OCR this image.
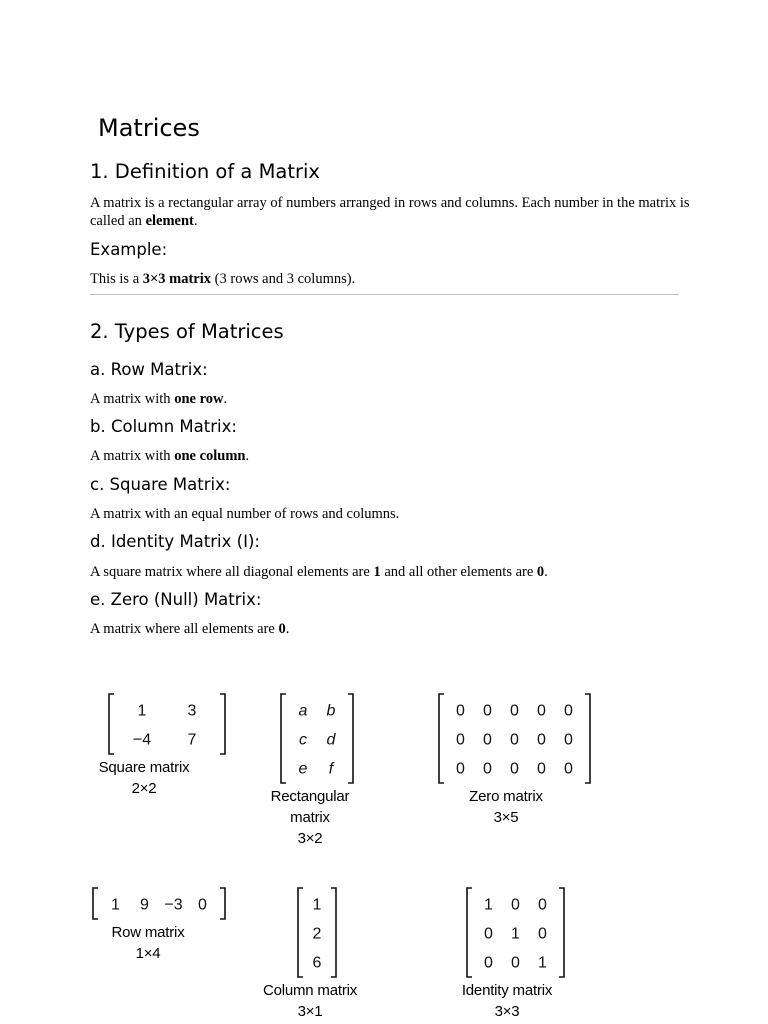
Matrices
1. Definition of a Matrix

A matrix is a rectangular array of numbers arranged in rows and columns. Each number in the matrix is called an element.

Example:

This is a 3×3 matrix (3 rows and 3 columns).

2. Types of Matrices
a. Row Matrix:

A matrix with one row.

b. Column Matrix:

A matrix with one column.

c. Square Matrix:

A matrix with an equal number of rows and columns.

d. Identity Matrix (I):

A square matrix where all diagonal elements are 1 and all other elements are 0.

e. Zero (Null) Matrix:

A matrix where all elements are 0.

1	3
−4 7
Square matrix
2×2
a b
c d
e f
Rectangular
matrix
3×2
0 0 0 0 0
0 0 0 0 0
0 0 0 0 0
Zero matrix
3×5
1 9 −3 0
Row matrix
1×4
1
2
6
Column matrix
3×1
1 0 0
0 1 0
0 0 1
Identity matrix
3×3
